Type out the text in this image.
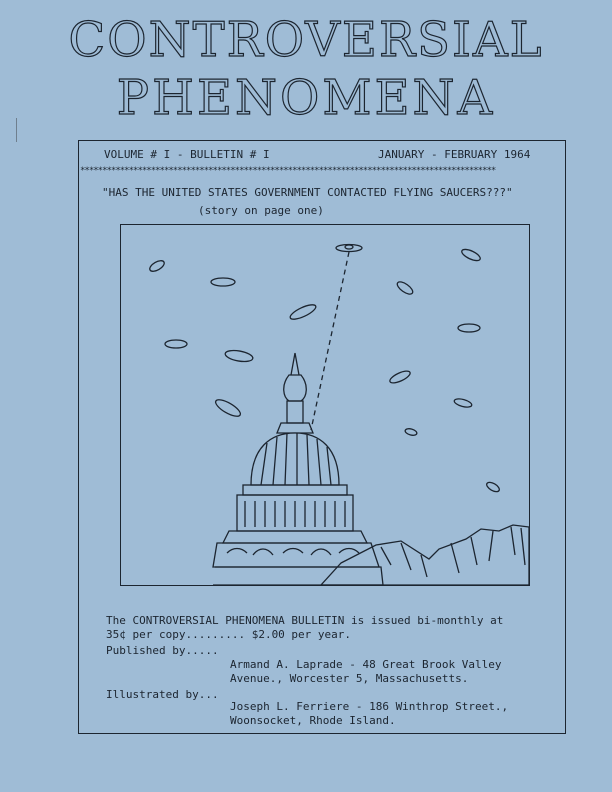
CONTROVERSIAL
PHENOMENA
VOLUME # I - BULLETIN # I	JANUARY - FEBRUARY 1964
**********************************************************************************************
"HAS THE UNITED STATES GOVERNMENT CONTACTED FLYING SAUCERS???"
(story on page one)
The CONTROVERSIAL PHENOMENA BULLETIN is issued bi-monthly at
35¢ per copy......... $2.00 per year.
Published by.....
Armand A. Laprade - 48 Great Brook Valley
Avenue., Worcester 5, Massachusetts.
Illustrated by...
Joseph L. Ferriere - 186 Winthrop Street.,
Woonsocket, Rhode Island.
